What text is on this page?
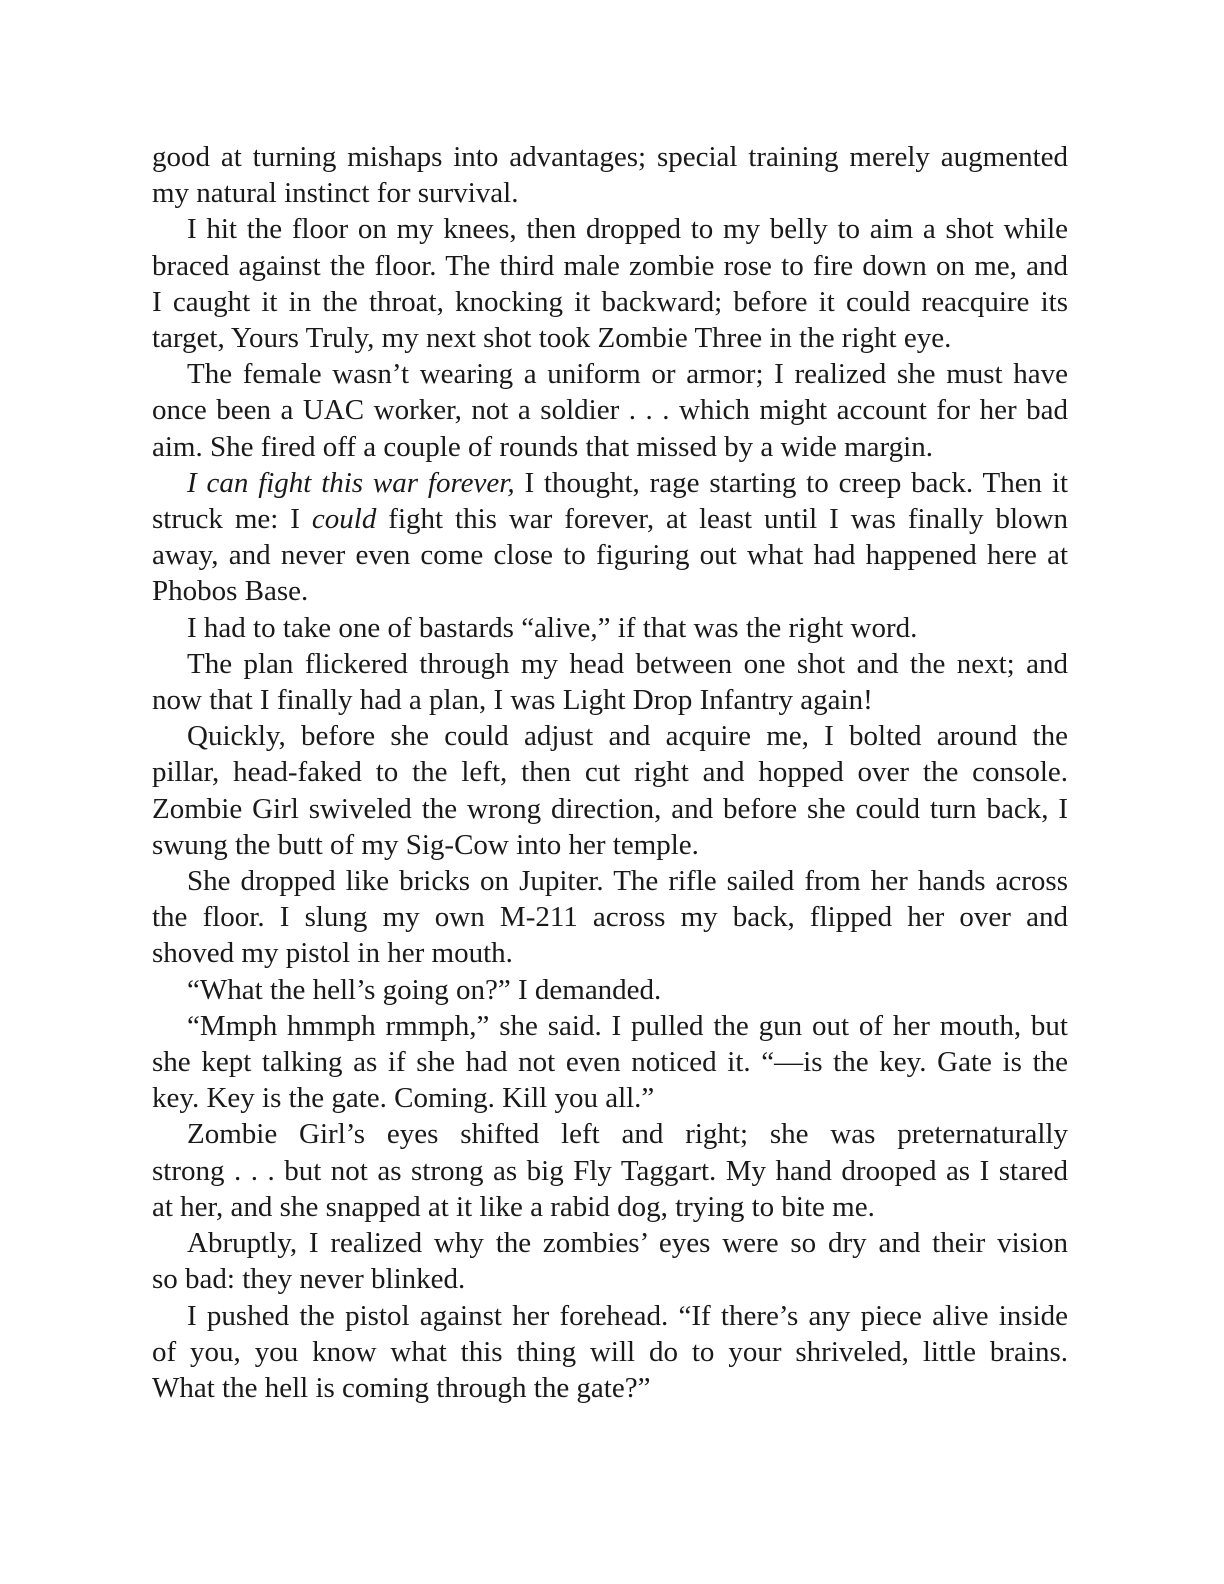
good at turning mishaps into advantages; special training merely augmented
my natural instinct for survival.
I hit the floor on my knees, then dropped to my belly to aim a shot while
braced against the floor. The third male zombie rose to fire down on me, and
I caught it in the throat, knocking it backward; before it could reacquire its
target, Yours Truly, my next shot took Zombie Three in the right eye.
The female wasn’t wearing a uniform or armor; I realized she must have
once been a UAC worker, not a soldier . . . which might account for her bad
aim. She fired off a couple of rounds that missed by a wide margin.
I can fight this war forever, I thought, rage starting to creep back. Then it
struck me: I could fight this war forever, at least until I was finally blown
away, and never even come close to figuring out what had happened here at
Phobos Base.
I had to take one of bastards “alive,” if that was the right word.
The plan flickered through my head between one shot and the next; and
now that I finally had a plan, I was Light Drop Infantry again!
Quickly, before she could adjust and acquire me, I bolted around the
pillar, head-faked to the left, then cut right and hopped over the console.
Zombie Girl swiveled the wrong direction, and before she could turn back, I
swung the butt of my Sig-Cow into her temple.
She dropped like bricks on Jupiter. The rifle sailed from her hands across
the floor. I slung my own M-211 across my back, flipped her over and
shoved my pistol in her mouth.
“What the hell’s going on?” I demanded.
“Mmph hmmph rmmph,” she said. I pulled the gun out of her mouth, but
she kept talking as if she had not even noticed it. “—is the key. Gate is the
key. Key is the gate. Coming. Kill you all.”
Zombie Girl’s eyes shifted left and right; she was preternaturally
strong . . . but not as strong as big Fly Taggart. My hand drooped as I stared
at her, and she snapped at it like a rabid dog, trying to bite me.
Abruptly, I realized why the zombies’ eyes were so dry and their vision
so bad: they never blinked.
I pushed the pistol against her forehead. “If there’s any piece alive inside
of you, you know what this thing will do to your shriveled, little brains.
What the hell is coming through the gate?”
